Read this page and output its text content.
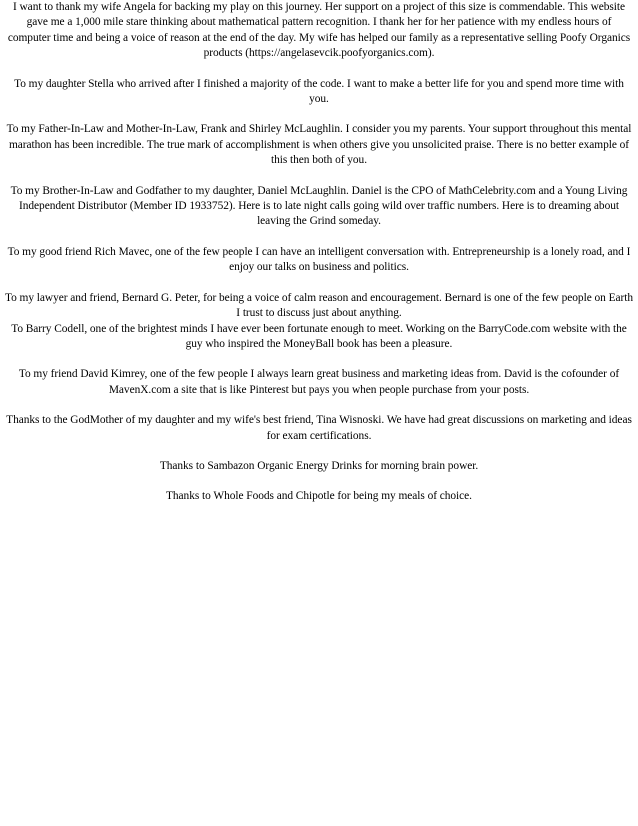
I want to thank my wife Angela for backing my play on this journey. Her support on a project of this size is commendable. This website gave me a 1,000 mile stare thinking about mathematical pattern recognition. I thank her for her patience with my endless hours of computer time and being a voice of reason at the end of the day. My wife has helped our family as a representative selling Poofy Organics products (https://angelasevcik.poofyorganics.com).

To my daughter Stella who arrived after I finished a majority of the code. I want to make a better life for you and spend more time with you.

To my Father-In-Law and Mother-In-Law, Frank and Shirley McLaughlin. I consider you my parents. Your support throughout this mental marathon has been incredible. The true mark of accomplishment is when others give you unsolicited praise. There is no better example of this then both of you.

To my Brother-In-Law and Godfather to my daughter, Daniel McLaughlin. Daniel is the CPO of MathCelebrity.com and a Young Living Independent Distributor (Member ID 1933752). Here is to late night calls going wild over traffic numbers. Here is to dreaming about leaving the Grind someday.

To my good friend Rich Mavec, one of the few people I can have an intelligent conversation with. Entrepreneurship is a lonely road, and I enjoy our talks on business and politics.

To my lawyer and friend, Bernard G. Peter, for being a voice of calm reason and encouragement. Bernard is one of the few people on Earth I trust to discuss just about anything.

To Barry Codell, one of the brightest minds I have ever been fortunate enough to meet. Working on the BarryCode.com website with the guy who inspired the MoneyBall book has been a pleasure.

To my friend David Kimrey, one of the few people I always learn great business and marketing ideas from. David is the cofounder of MavenX.com a site that is like Pinterest but pays you when people purchase from your posts.

Thanks to the GodMother of my daughter and my wife's best friend, Tina Wisnoski. We have had great discussions on marketing and ideas for exam certifications.

Thanks to Sambazon Organic Energy Drinks for morning brain power.

Thanks to Whole Foods and Chipotle for being my meals of choice.
